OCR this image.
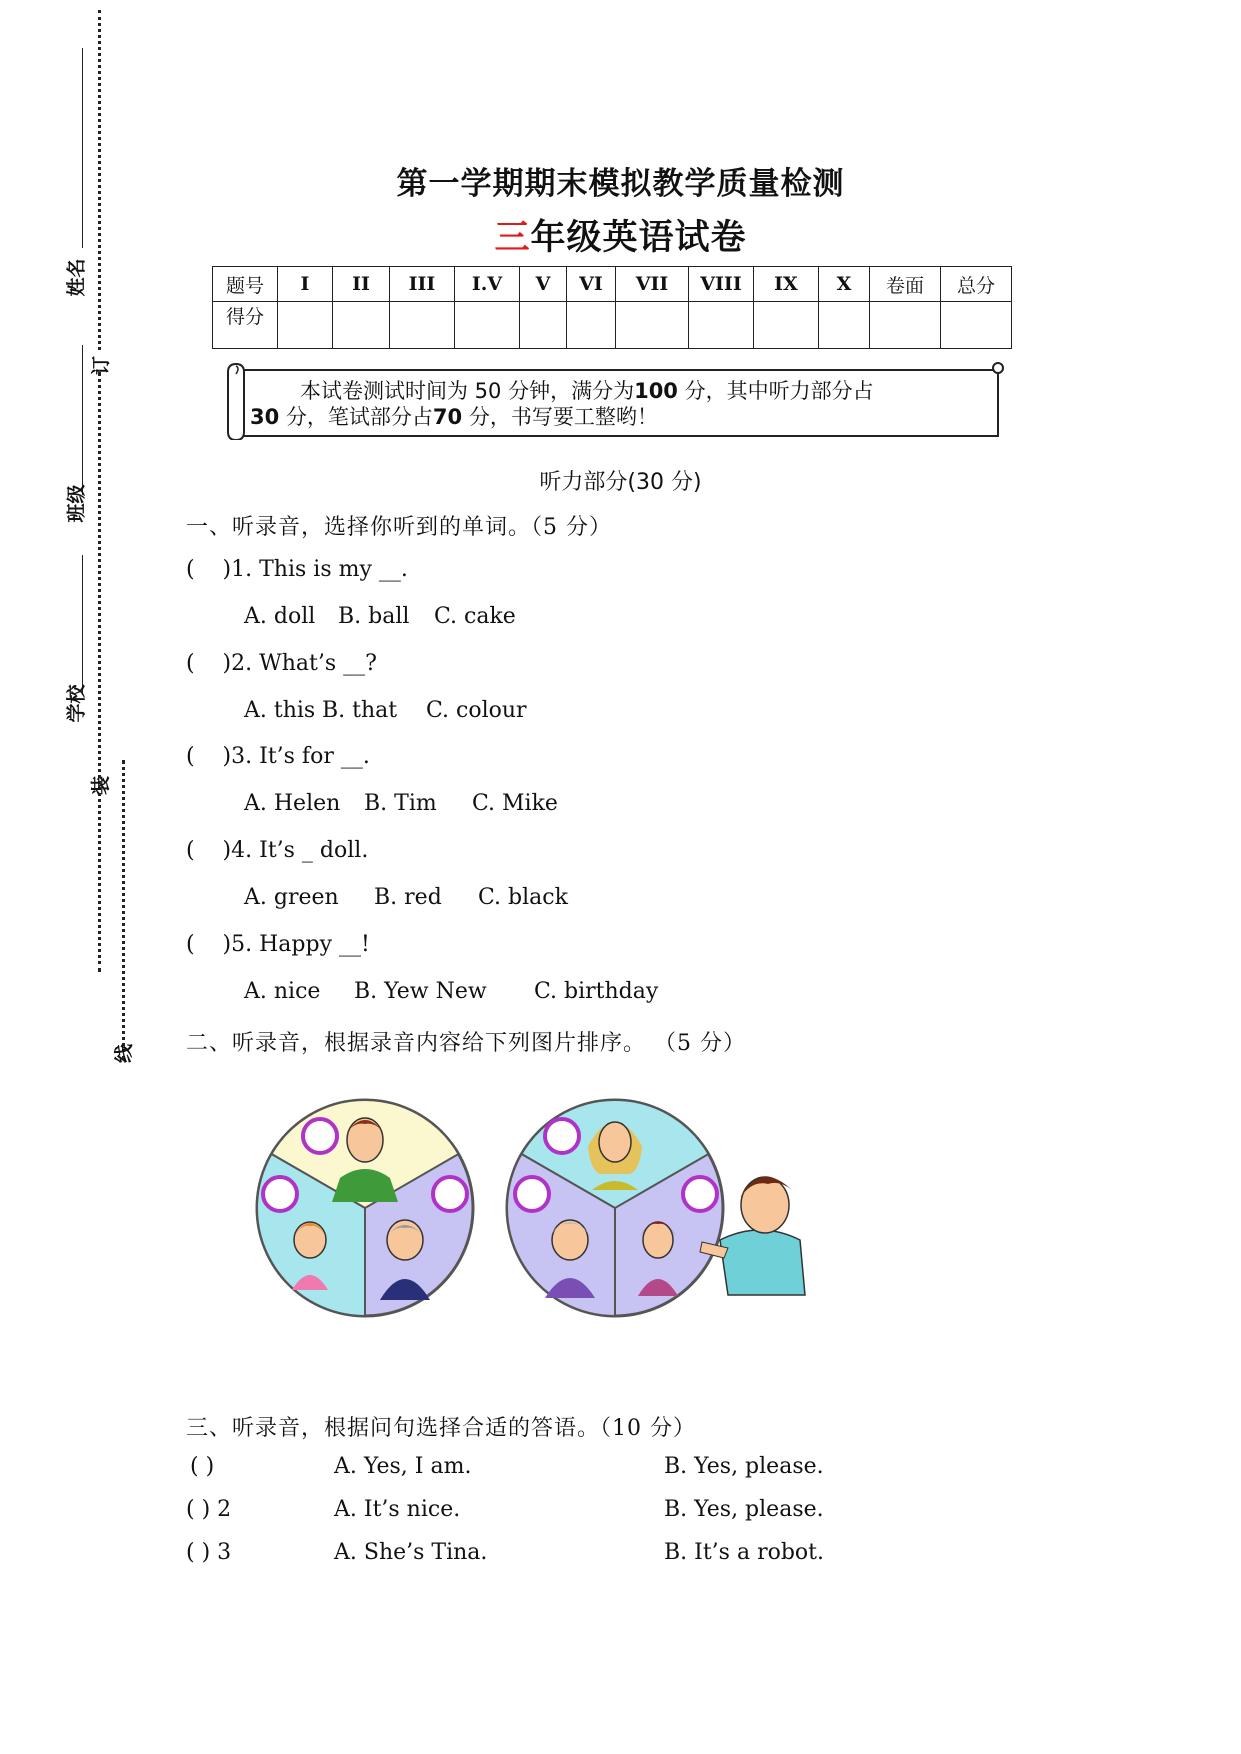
姓名
订
班级
学校
装
线
第一学期期末模拟教学质量检测
三年级英语试卷
题号	I	II	III	I.V	V	VI	VII	VIII	IX	X	卷面	总分
得分												
本试卷测试时间为 50 分钟，满分为100 分，其中听力部分占
30 分，笔试部分占70 分，书写要工整哟！
听力部分(30 分)
一、听录音，选择你听到的单词。（5 分）
(    )1. This is my __.
A. doll B. ball C. cake
(    )2. What’s __?
A. this B. that C. colour
(    )3. It’s for __.
A. Helen B. Tim C. Mike
(    )4. It’s _ doll.
A. green B. red C. black
(    )5. Happy __!
A. nice B. Yew New C. birthday
二、听录音，根据录音内容给下列图片排序。 （5 分）
三、听录音，根据问句选择合适的答语。（10 分）
( )	A. Yes, I am.	B. Yes, please.
( ) 2	A. It’s nice.	B. Yes, please.
( ) 3	A. She’s Tina.	B. It’s a robot.
